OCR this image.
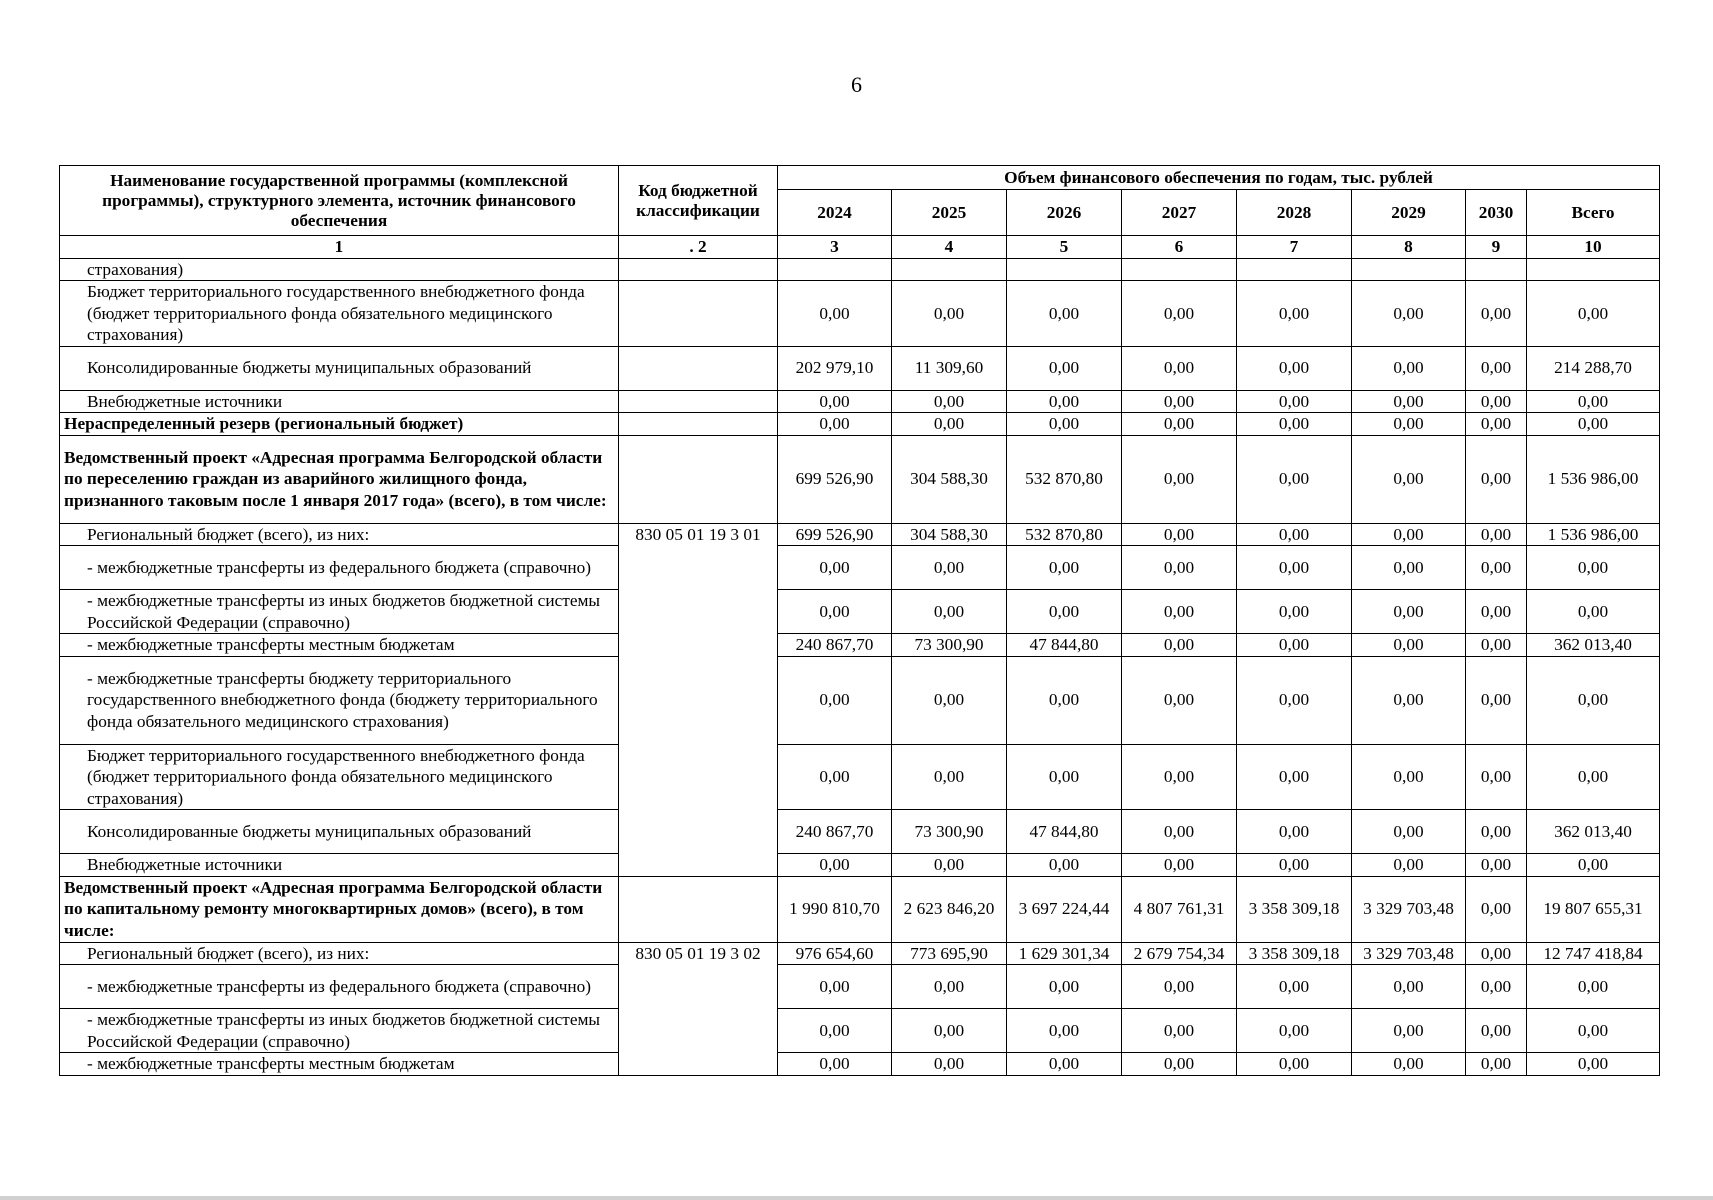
6
Наименование государственной программы (комплексной программы), структурного элемента, источник финансового обеспечения	Код бюджетной классификации	Объем финансового обеспечения по годам, тыс. рублей							
		2024	2025	2026	2027	2028	2029	2030	Всего
1	. 2	3	4	5	6	7	8	9	10
страхования)									
Бюджет территориального государственного внебюджетного фонда (бюджет территориального фонда обязательного медицинского страхования)		0,00	0,00	0,00	0,00	0,00	0,00	0,00	0,00
Консолидированные бюджеты муниципальных образований		202 979,10	11 309,60	0,00	0,00	0,00	0,00	0,00	214 288,70
Внебюджетные источники		0,00	0,00	0,00	0,00	0,00	0,00	0,00	0,00
Нераспределенный резерв (региональный бюджет)		0,00	0,00	0,00	0,00	0,00	0,00	0,00	0,00
Ведомственный проект «Адресная программа Белгородской области по переселению граждан из аварийного жилищного фонда, признанного таковым после 1 января 2017 года» (всего), в том числе:		699 526,90	304 588,30	532 870,80	0,00	0,00	0,00	0,00	1 536 986,00
Региональный бюджет (всего), из них:	830 05 01 19 3 01	699 526,90	304 588,30	532 870,80	0,00	0,00	0,00	0,00	1 536 986,00
- межбюджетные трансферты из федерального бюджета (справочно)		0,00	0,00	0,00	0,00	0,00	0,00	0,00	0,00
- межбюджетные трансферты из иных бюджетов бюджетной системы Российской Федерации (справочно)		0,00	0,00	0,00	0,00	0,00	0,00	0,00	0,00
- межбюджетные трансферты местным бюджетам		240 867,70	73 300,90	47 844,80	0,00	0,00	0,00	0,00	362 013,40
- межбюджетные трансферты бюджету территориального государственного внебюджетного фонда (бюджету территориального фонда обязательного медицинского страхования)		0,00	0,00	0,00	0,00	0,00	0,00	0,00	0,00
Бюджет территориального государственного внебюджетного фонда (бюджет территориального фонда обязательного медицинского страхования)		0,00	0,00	0,00	0,00	0,00	0,00	0,00	0,00
Консолидированные бюджеты муниципальных образований		240 867,70	73 300,90	47 844,80	0,00	0,00	0,00	0,00	362 013,40
Внебюджетные источники		0,00	0,00	0,00	0,00	0,00	0,00	0,00	0,00
Ведомственный проект «Адресная программа Белгородской области по капитальному ремонту многоквартирных домов» (всего), в том числе:		1 990 810,70	2 623 846,20	3 697 224,44	4 807 761,31	3 358 309,18	3 329 703,48	0,00	19 807 655,31
Региональный бюджет (всего), из них:	830 05 01 19 3 02	976 654,60	773 695,90	1 629 301,34	2 679 754,34	3 358 309,18	3 329 703,48	0,00	12 747 418,84
- межбюджетные трансферты из федерального бюджета (справочно)		0,00	0,00	0,00	0,00	0,00	0,00	0,00	0,00
- межбюджетные трансферты из иных бюджетов бюджетной системы Российской Федерации (справочно)		0,00	0,00	0,00	0,00	0,00	0,00	0,00	0,00
- межбюджетные трансферты местным бюджетам		0,00	0,00	0,00	0,00	0,00	0,00	0,00	0,00
